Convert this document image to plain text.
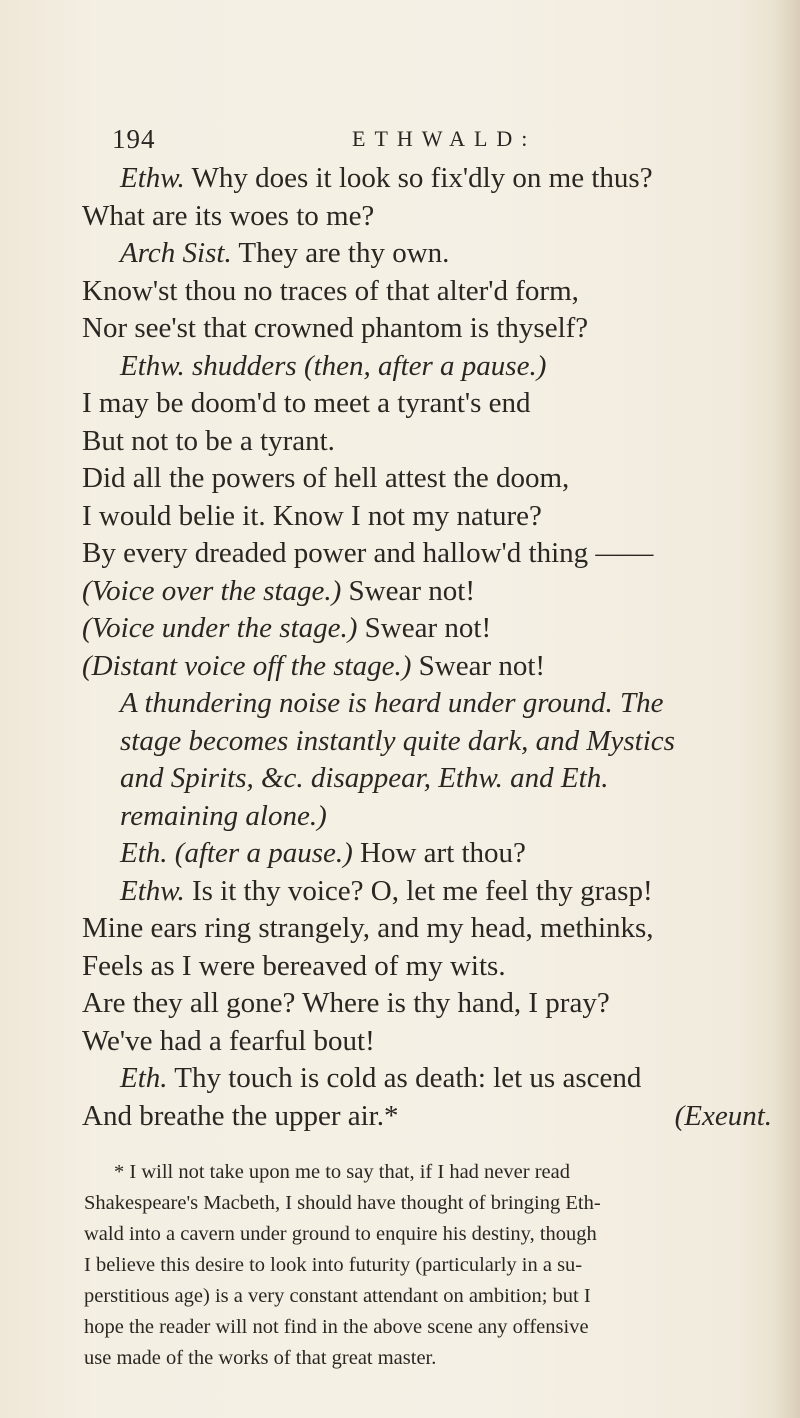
194	ETHWALD:
Ethw. Why does it look so fix'dly on me thus?
What are its woes to me?
Arch Sist. They are thy own.
Know'st thou no traces of that alter'd form,
Nor see'st that crowned phantom is thyself?
Ethw. shudders (then, after a pause.)
I may be doom'd to meet a tyrant's end
But not to be a tyrant.
Did all the powers of hell attest the doom,
I would belie it. Know I not my nature?
By every dreaded power and hallow'd thing ——
(Voice over the stage.) Swear not!
(Voice under the stage.) Swear not!
(Distant voice off the stage.) Swear not!
A thundering noise is heard under ground. The
stage becomes instantly quite dark, and Mystics
and Spirits, &c. disappear, Ethw. and Eth.
remaining alone.)
Eth. (after a pause.) How art thou?
Ethw. Is it thy voice? O, let me feel thy grasp!
Mine ears ring strangely, and my head, methinks,
Feels as I were bereaved of my wits.
Are they all gone? Where is thy hand, I pray?
We've had a fearful bout!
Eth. Thy touch is cold as death: let us ascend
And breathe the upper air.*	(Exeunt.
* I will not take upon me to say that, if I had never read
Shakespeare's Macbeth, I should have thought of bringing Eth-
wald into a cavern under ground to enquire his destiny, though
I believe this desire to look into futurity (particularly in a su-
perstitious age) is a very constant attendant on ambition; but I
hope the reader will not find in the above scene any offensive
use made of the works of that great master.
